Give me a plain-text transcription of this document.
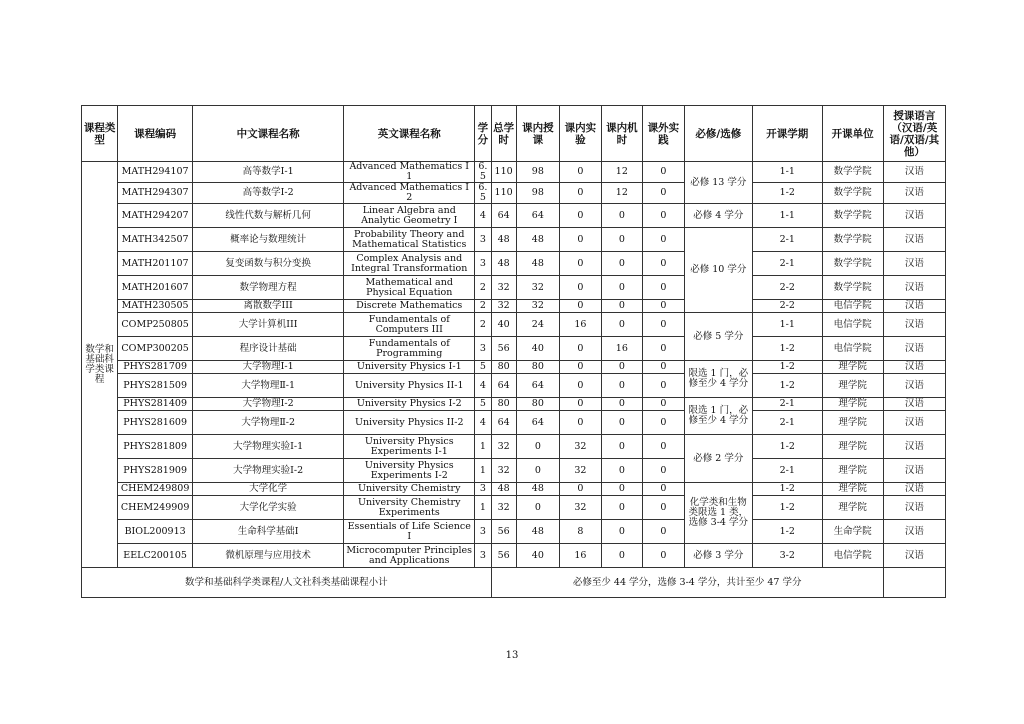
课程类型	课程编码	中文课程名称	英文课程名称	学分	总学时	课内授课	课内实验	课内机时	课外实践	必修/选修	开课学期	开课单位	授课语言（汉语/英语/双语/其他）
数学和基础科学类课程	MATH294107	高等数学Ⅰ-1	Advanced Mathematics I 1	6. 5	110	98	0	12	0	必修 13 学分	1-1	数学学院	汉语
	MATH294307	高等数学Ⅰ-2	Advanced Mathematics I 2	6. 5	110	98	0	12	0		1-2	数学学院	汉语
	MATH294207	线性代数与解析几何	Linear Algebra and Analytic Geometry I	4	64	64	0	0	0	必修 4 学分	1-1	数学学院	汉语
	MATH342507	概率论与数理统计	Probability Theory and Mathematical Statistics	3	48	48	0	0	0	必修 10 学分	2-1	数学学院	汉语
	MATH201107	复变函数与积分变换	Complex Analysis and Integral Transformation	3	48	48	0	0	0		2-1	数学学院	汉语
	MATH201607	数学物理方程	Mathematical and Physical Equation	2	32	32	0	0	0		2-2	数学学院	汉语
	MATH230505	离散数学III	Discrete Mathematics	2	32	32	0	0	0		2-2	电信学院	汉语
	COMP250805	大学计算机III	Fundamentals of Computers III	2	40	24	16	0	0	必修 5 学分	1-1	电信学院	汉语
	COMP300205	程序设计基础	Fundamentals of Programming	3	56	40	0	16	0		1-2	电信学院	汉语
	PHYS281709	大学物理Ⅰ-1	University Physics I-1	5	80	80	0	0	0	限选 1 门，必修至少 4 学分	1-2	理学院	汉语
	PHYS281509	大学物理Ⅱ-1	University Physics II-1	4	64	64	0	0	0		1-2	理学院	汉语
	PHYS281409	大学物理Ⅰ-2	University Physics I-2	5	80	80	0	0	0	限选 1 门，必修至少 4 学分	2-1	理学院	汉语
	PHYS281609	大学物理Ⅱ-2	University Physics II-2	4	64	64	0	0	0		2-1	理学院	汉语
	PHYS281809	大学物理实验Ⅰ-1	University Physics Experiments I-1	1	32	0	32	0	0	必修 2 学分	1-2	理学院	汉语
	PHYS281909	大学物理实验Ⅰ-2	University Physics Experiments I-2	1	32	0	32	0	0		2-1	理学院	汉语
	CHEM249809	大学化学	University Chemistry	3	48	48	0	0	0	化学类和生物类限选 1 类，选修 3-4 学分	1-2	理学院	汉语
	CHEM249909	大学化学实验	University Chemistry Experiments	1	32	0	32	0	0		1-2	理学院	汉语
	BIOL200913	生命科学基础Ⅰ	Essentials of Life Science I	3	56	48	8	0	0		1-2	生命学院	汉语
	EELC200105	微机原理与应用技术	Microcomputer Principles and Applications	3	56	40	16	0	0	必修 3 学分	3-2	电信学院	汉语
数学和基础科学类课程/人文社科类基础课程小计					必修至少 44 学分，选修 3-4 学分，共计至少 47 学分								
13
